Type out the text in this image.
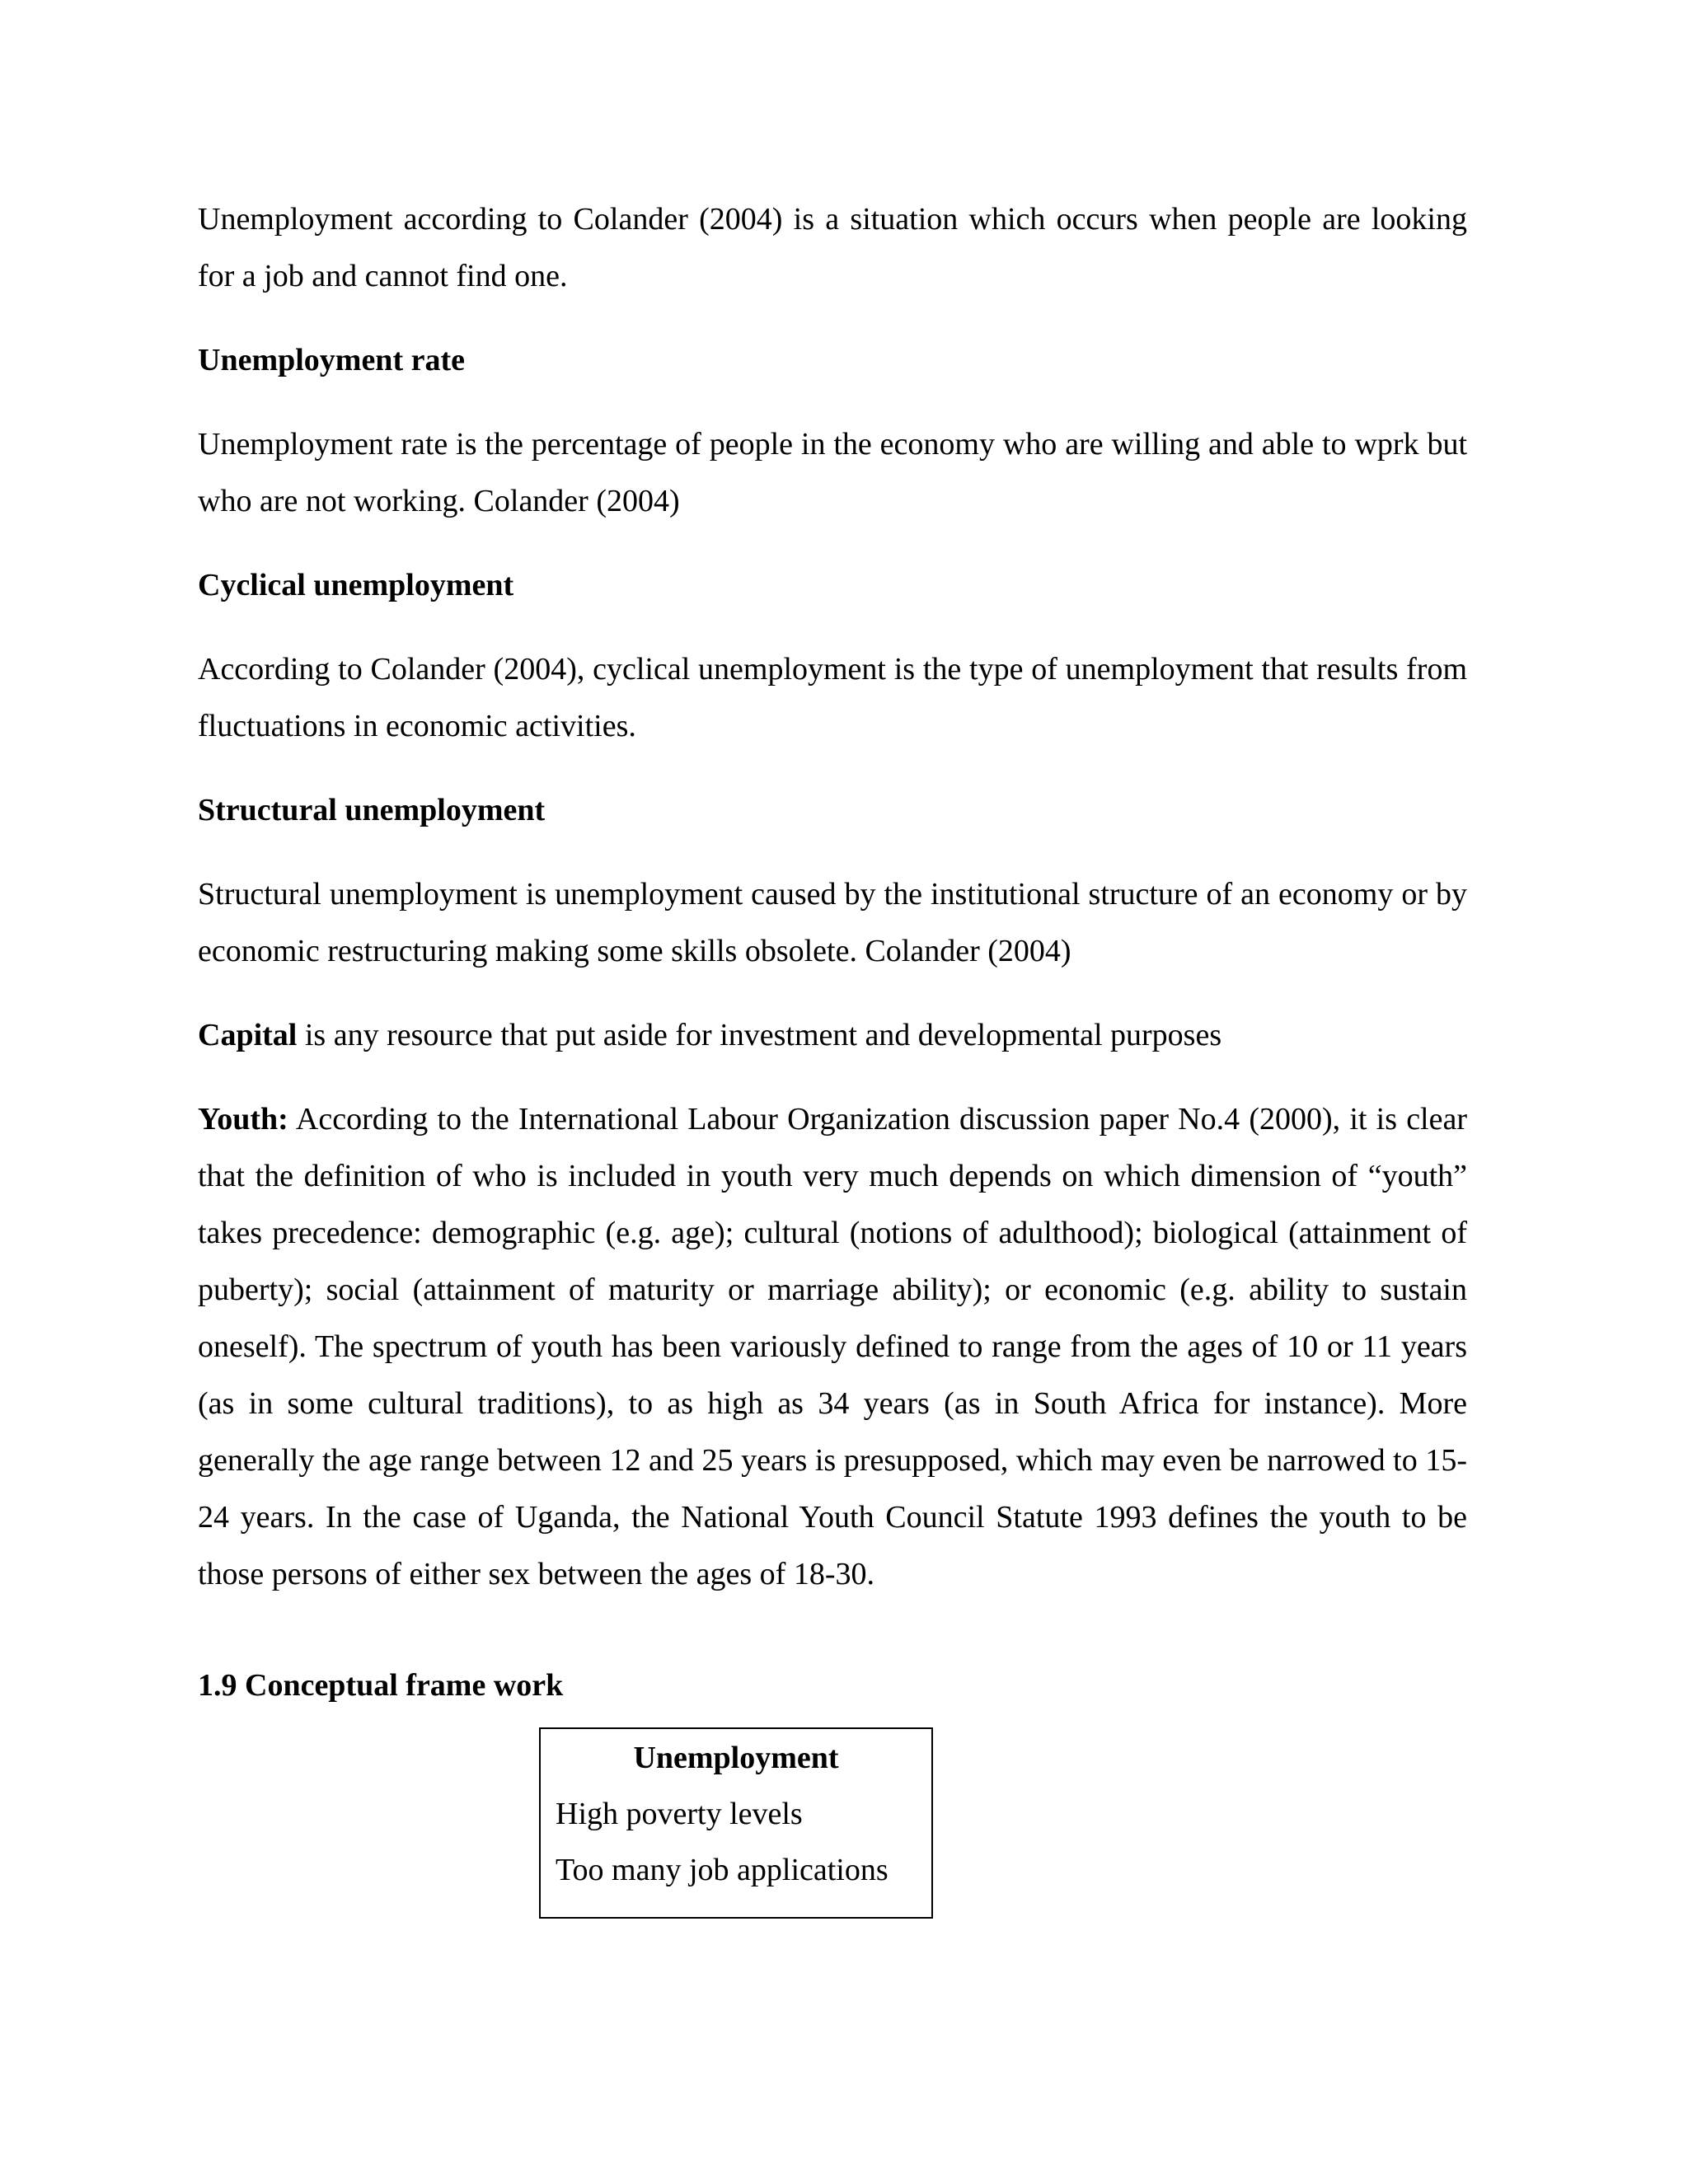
Unemployment according to Colander (2004) is a situation which occurs when people are looking for a job and cannot find one.

Unemployment rate

Unemployment rate is the percentage of people in the economy who are willing and able to wprk but who are not working. Colander (2004)

Cyclical unemployment

According to Colander (2004), cyclical unemployment is the type of unemployment that results from fluctuations in economic activities.

Structural unemployment

Structural unemployment is unemployment caused by the institutional structure of an economy or by economic restructuring making some skills obsolete. Colander (2004)

Capital is any resource that put aside for investment and developmental purposes

Youth: According to the International Labour Organization discussion paper No.4 (2000), it is clear that the definition of who is included in youth very much depends on which dimension of “youth” takes precedence: demographic (e.g. age); cultural (notions of adulthood); biological (attainment of puberty); social (attainment of maturity or marriage ability); or economic (e.g. ability to sustain oneself). The spectrum of youth has been variously defined to range from the ages of 10 or 11 years (as in some cultural traditions), to as high as 34 years (as in South Africa for instance). More generally the age range between 12 and 25 years is presupposed, which may even be narrowed to 15-24 years. In the case of Uganda, the National Youth Council Statute 1993 defines the youth to be those persons of either sex between the ages of 18-30.

1.9 Conceptual frame work

Unemployment
High poverty levels
Too many job applications
